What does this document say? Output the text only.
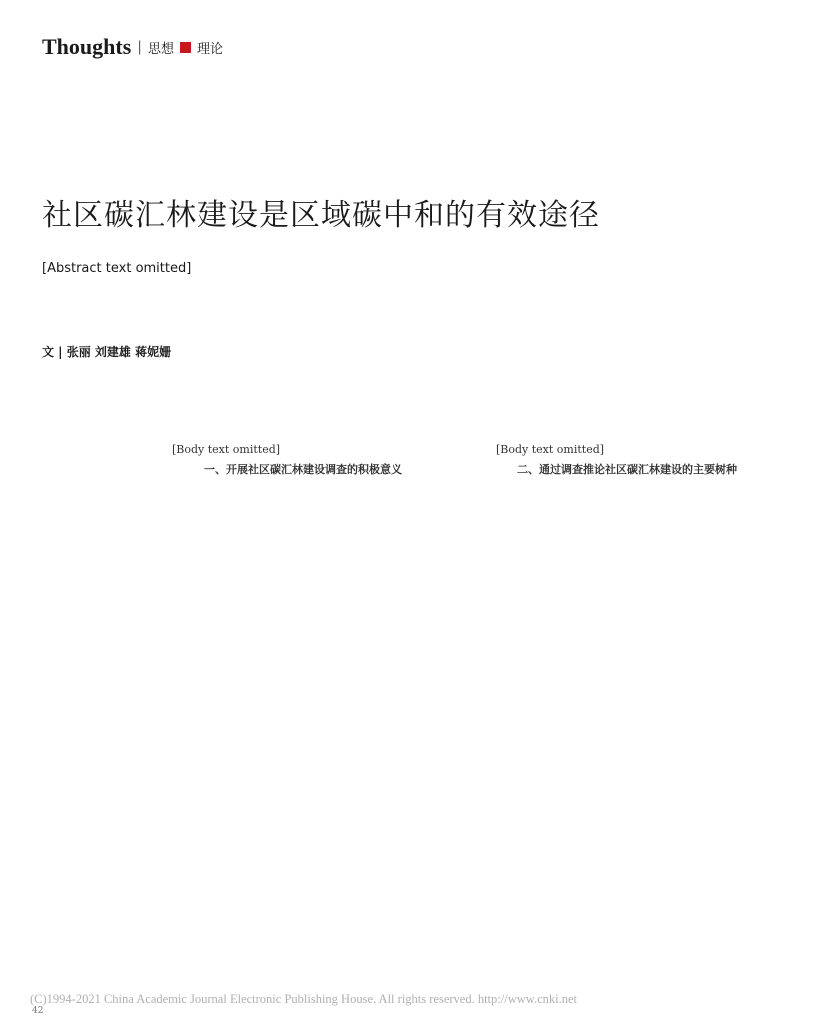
Thoughts | 思想 理论
社区碳汇林建设是区域碳中和的有效途径
[Abstract text omitted]
文 | 张丽 刘建雄 蒋妮姗

[Body text omitted]

一、开展社区碳汇林建设调查的积极意义

[Body text omitted]

二、通过调查推论社区碳汇林建设的主要树种
(C)1994-2021 China Academic Journal Electronic Publishing House. All rights reserved. http://www.cnki.net
42
